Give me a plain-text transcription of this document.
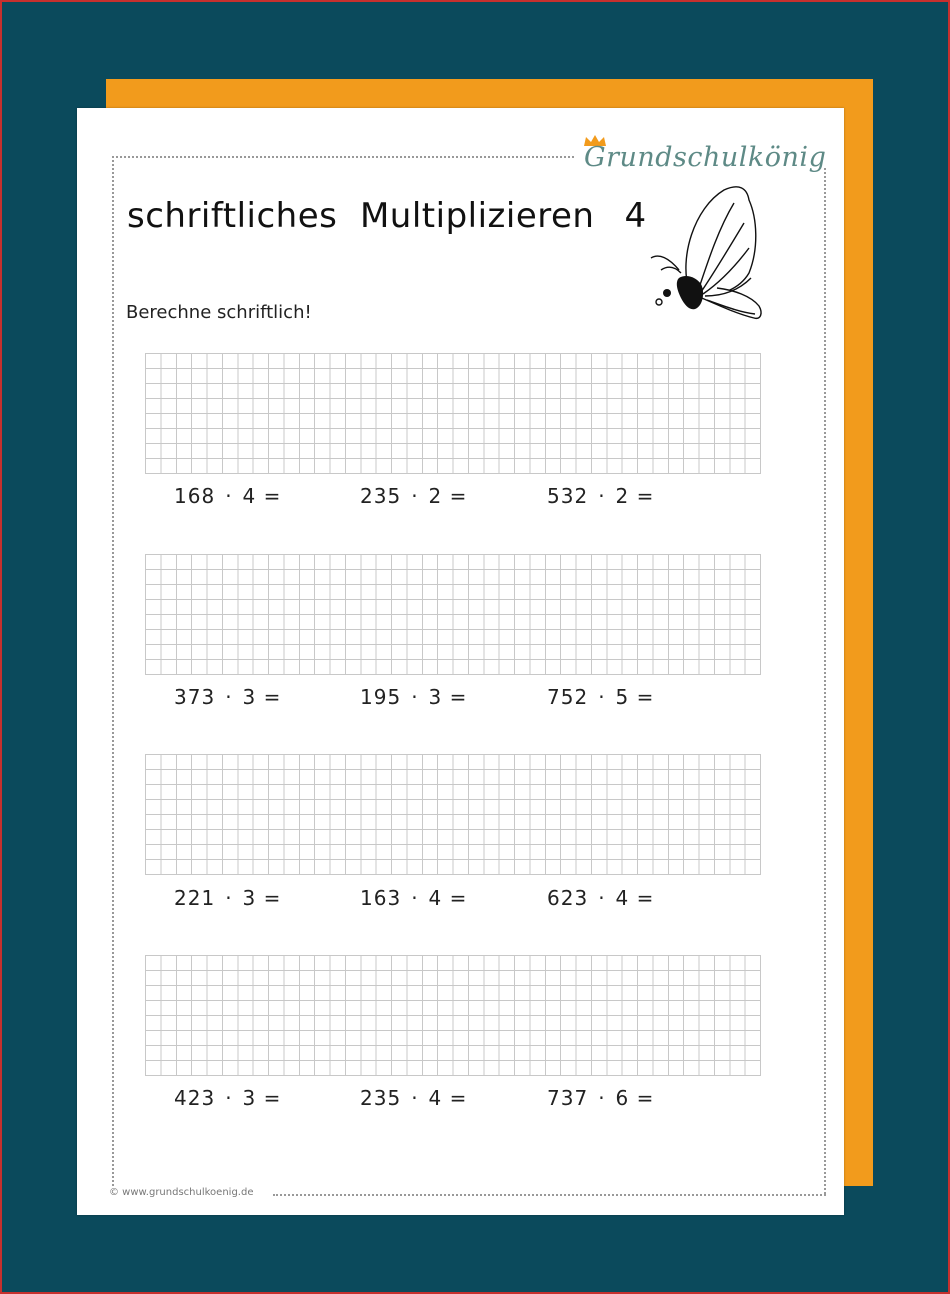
Grundschulkönig
schriftliches  Multiplizieren 4
Berechne schriftlich!
168 · 4 =	235 · 2 =	532 · 2 =
373 · 3 =	195 · 3 =	752 · 5 =
221 · 3 =	163 · 4 =	623 · 4 =
423 · 3 =	235 · 4 =	737 · 6 =
© www.grundschulkoenig.de
